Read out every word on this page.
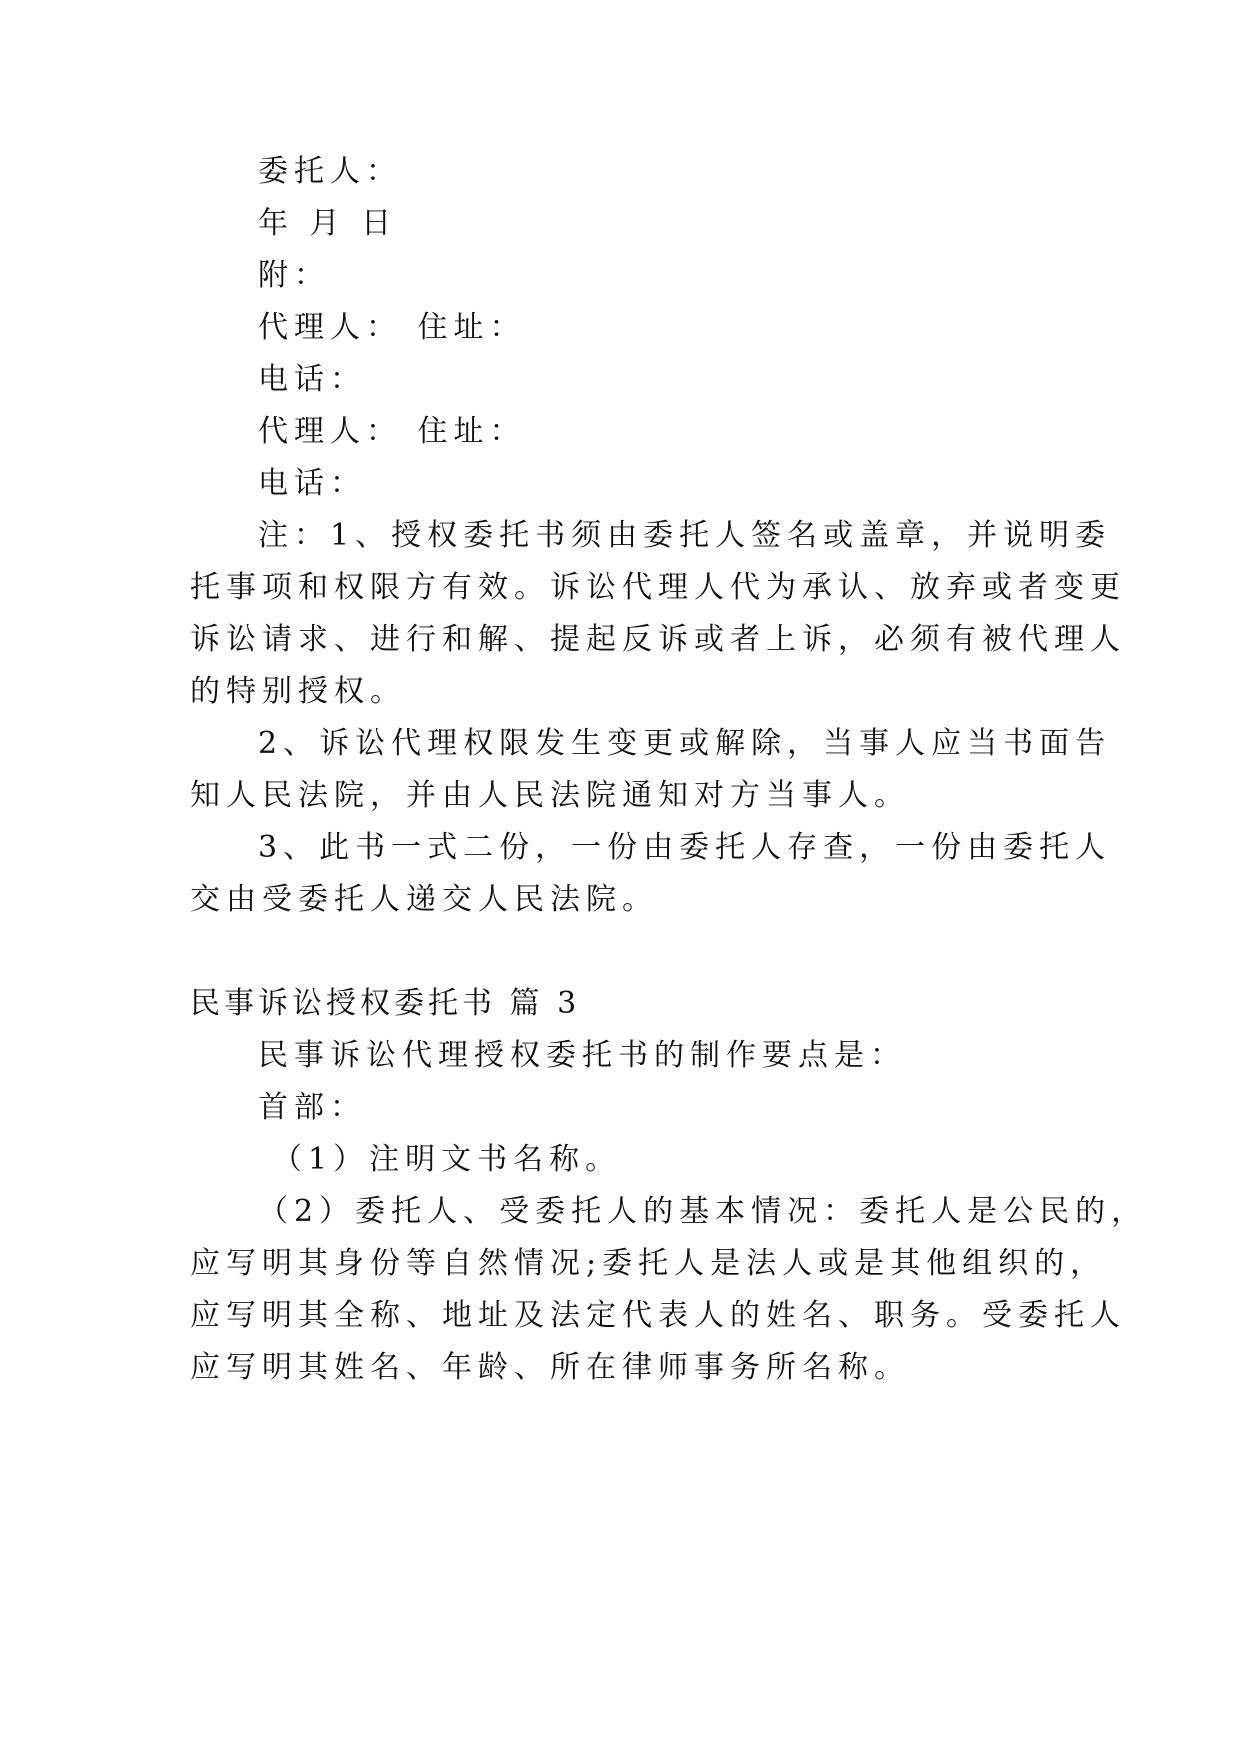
委托人：
年 月 日
附：
代理人： 住址：
电话：
代理人： 住址：
电话：
注：1、授权委托书须由委托人签名或盖章，并说明委
托事项和权限方有效。诉讼代理人代为承认、放弃或者变更
诉讼请求、进行和解、提起反诉或者上诉，必须有被代理人
的特别授权。
2、诉讼代理权限发生变更或解除，当事人应当书面告
知人民法院，并由人民法院通知对方当事人。
3、此书一式二份，一份由委托人存查，一份由委托人
交由受委托人递交人民法院。
民事诉讼授权委托书 篇 3
民事诉讼代理授权委托书的制作要点是：
首部：
（1）注明文书名称。
（2）委托人、受委托人的基本情况：委托人是公民的，
应写明其身份等自然情况;委托人是法人或是其他组织的，
应写明其全称、地址及法定代表人的姓名、职务。受委托人
应写明其姓名、年龄、所在律师事务所名称。
